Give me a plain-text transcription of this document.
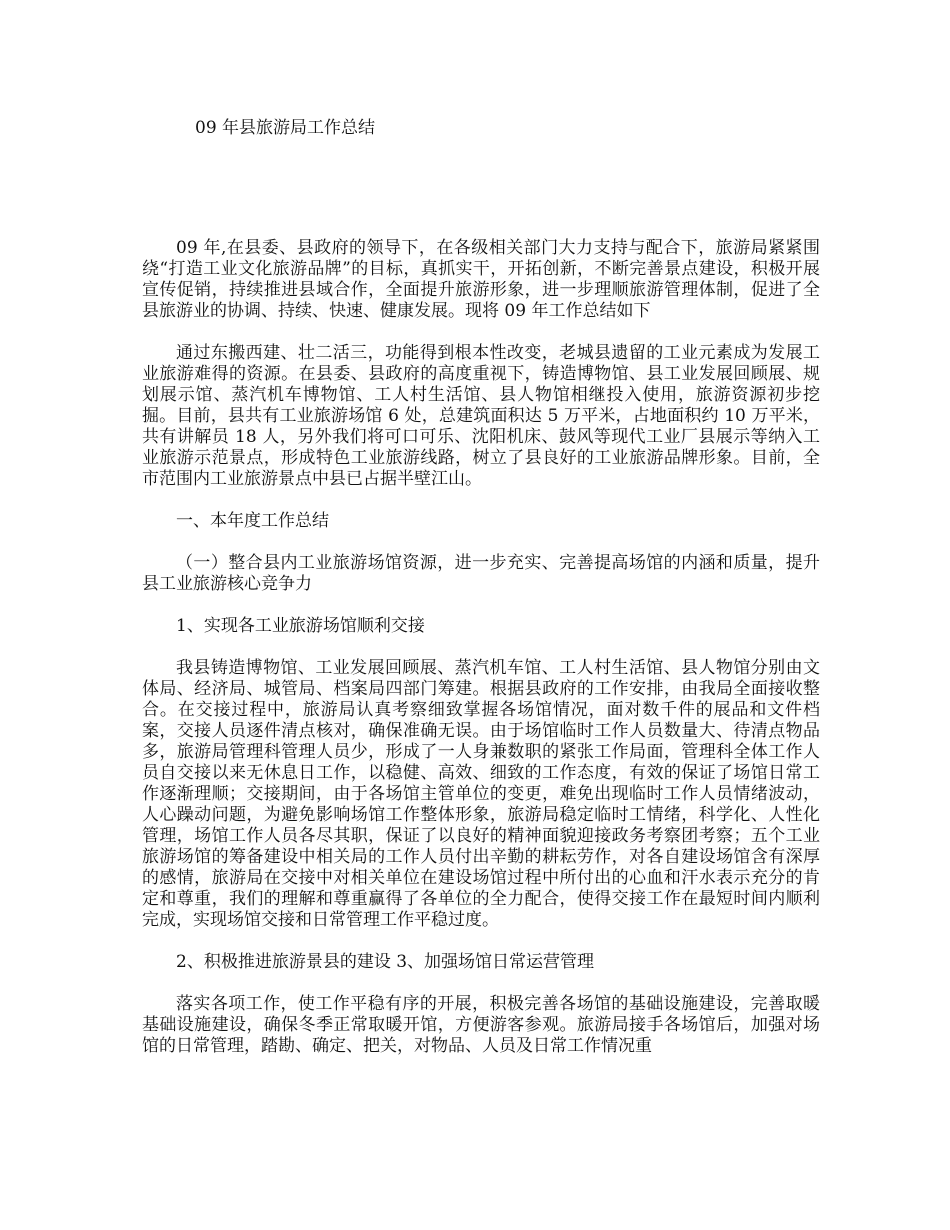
09 年县旅游局工作总结

09 年,在县委、县政府的领导下，在各级相关部门大力支持与配合下，旅游局紧紧围绕“打造工业文化旅游品牌”的目标，真抓实干，开拓创新，不断完善景点建设，积极开展宣传促销，持续推进县域合作，全面提升旅游形象，进一步理顺旅游管理体制，促进了全县旅游业的协调、持续、快速、健康发展。现将 09 年工作总结如下

通过东搬西建、壮二活三，功能得到根本性改变，老城县遗留的工业元素成为发展工业旅游难得的资源。在县委、县政府的高度重视下，铸造博物馆、县工业发展回顾展、规划展示馆、蒸汽机车博物馆、工人村生活馆、县人物馆相继投入使用，旅游资源初步挖掘。目前，县共有工业旅游场馆 6 处，总建筑面积达 5 万平米，占地面积约 10 万平米，共有讲解员 18 人，另外我们将可口可乐、沈阳机床、鼓风等现代工业厂县展示等纳入工业旅游示范景点，形成特色工业旅游线路，树立了县良好的工业旅游品牌形象。目前，全市范围内工业旅游景点中县已占据半壁江山。

一、本年度工作总结

（一）整合县内工业旅游场馆资源，进一步充实、完善提高场馆的内涵和质量，提升县工业旅游核心竞争力

1、实现各工业旅游场馆顺利交接

我县铸造博物馆、工业发展回顾展、蒸汽机车馆、工人村生活馆、县人物馆分别由文体局、经济局、城管局、档案局四部门筹建。根据县政府的工作安排，由我局全面接收整合。在交接过程中，旅游局认真考察细致掌握各场馆情况，面对数千件的展品和文件档案，交接人员逐件清点核对，确保准确无误。由于场馆临时工作人员数量大、待清点物品多，旅游局管理科管理人员少，形成了一人身兼数职的紧张工作局面，管理科全体工作人员自交接以来无休息日工作，以稳健、高效、细致的工作态度，有效的保证了场馆日常工作逐渐理顺；交接期间，由于各场馆主管单位的变更，难免出现临时工作人员情绪波动，人心躁动问题，为避免影响场馆工作整体形象，旅游局稳定临时工情绪，科学化、人性化管理，场馆工作人员各尽其职，保证了以良好的精神面貌迎接政务考察团考察；五个工业旅游场馆的筹备建设中相关局的工作人员付出辛勤的耕耘劳作，对各自建设场馆含有深厚的感情，旅游局在交接中对相关单位在建设场馆过程中所付出的心血和汗水表示充分的肯定和尊重，我们的理解和尊重赢得了各单位的全力配合，使得交接工作在最短时间内顺利完成，实现场馆交接和日常管理工作平稳过度。

2、积极推进旅游景县的建设 3、加强场馆日常运营管理

落实各项工作，使工作平稳有序的开展，积极完善各场馆的基础设施建设，完善取暖基础设施建设，确保冬季正常取暖开馆，方便游客参观。旅游局接手各场馆后，加强对场馆的日常管理，踏勘、确定、把关，对物品、人员及日常工作情况重
